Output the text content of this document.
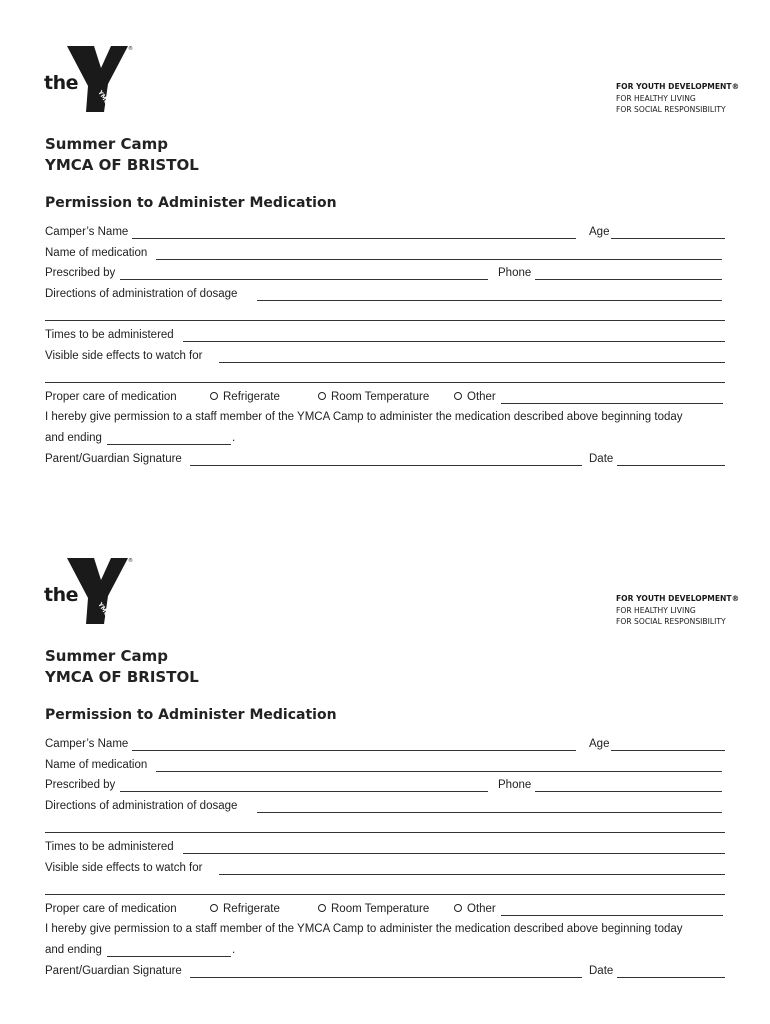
the
YMCA
®
FOR YOUTH DEVELOPMENT®
FOR HEALTHY LIVING
FOR SOCIAL RESPONSIBILITY
Summer Camp
YMCA OF BRISTOL
Permission to Administer Medication
Camper’s Name	Age
Name of medication
Prescribed by	Phone
Directions of administration of dosage
Times to be administered
Visible side effects to watch for
Proper care of medication	Refrigerate	Room Temperature	Other
I hereby give permission to a staff member of the YMCA Camp to administer the medication described above beginning today
and ending	.
Parent/Guardian Signature	Date
the
YMCA
®
FOR YOUTH DEVELOPMENT®
FOR HEALTHY LIVING
FOR SOCIAL RESPONSIBILITY
Summer Camp
YMCA OF BRISTOL
Permission to Administer Medication
Camper’s Name	Age
Name of medication
Prescribed by	Phone
Directions of administration of dosage
Times to be administered
Visible side effects to watch for
Proper care of medication	Refrigerate	Room Temperature	Other
I hereby give permission to a staff member of the YMCA Camp to administer the medication described above beginning today
and ending	.
Parent/Guardian Signature	Date
